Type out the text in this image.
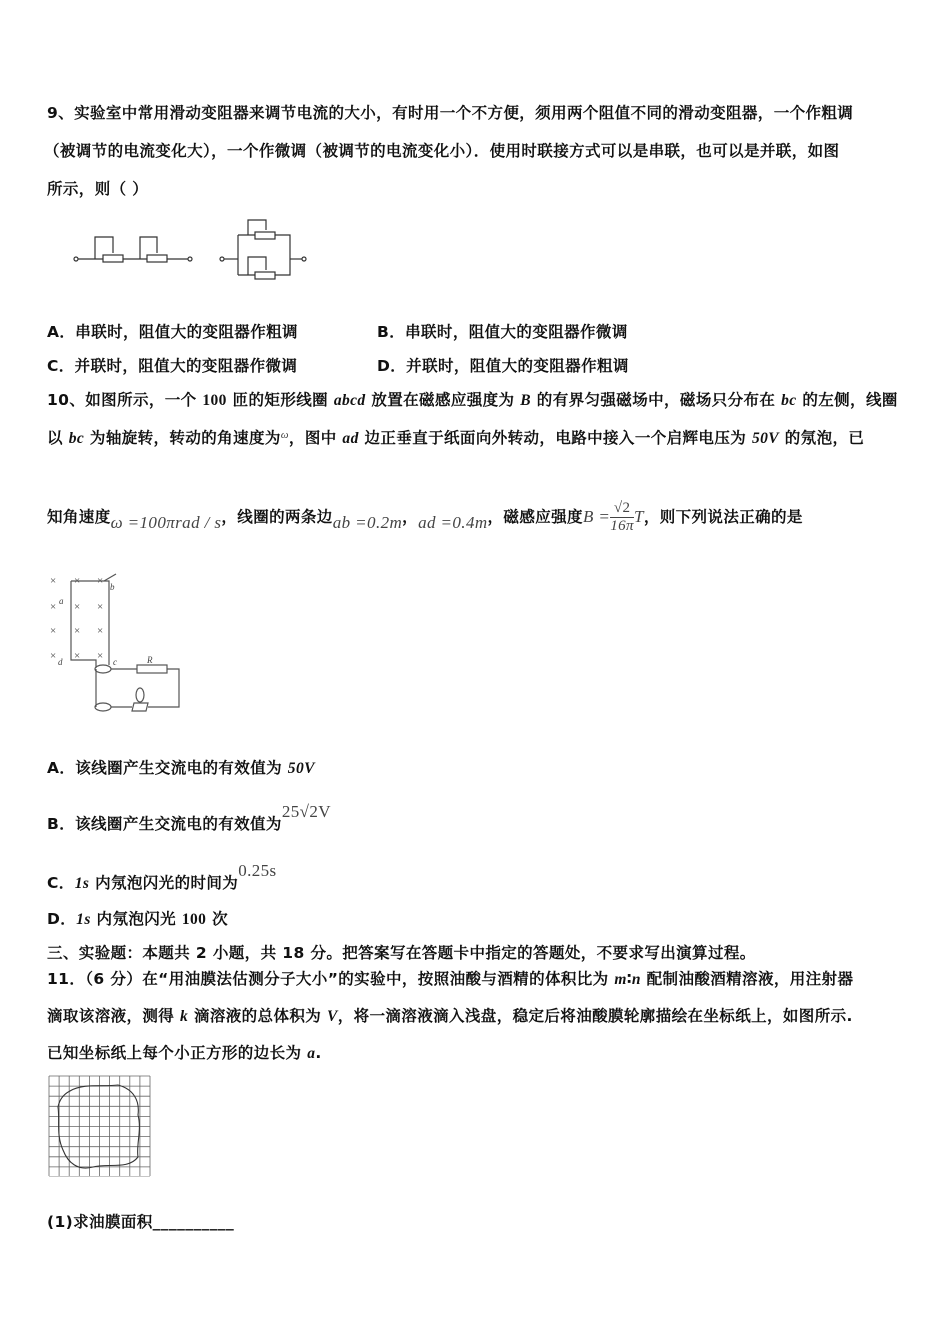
9、实验室中常用滑动变阻器来调节电流的大小，有时用一个不方便，须用两个阻值不同的滑动变阻器，一个作粗调
（被调节的电流变化大），一个作微调（被调节的电流变化小）．使用时联接方式可以是串联，也可以是并联，如图
所示，则（ ）
A．串联时，阻值大的变阻器作粗调	B．串联时，阻值大的变阻器作微调
C．并联时，阻值大的变阻器作微调	D．并联时，阻值大的变阻器作粗调
10、如图所示，一个 100 匝的矩形线圈 abcd 放置在磁感应强度为 B 的有界匀强磁场中，磁场只分布在 bc 的左侧，线圈
以 bc 为轴旋转，转动的角速度为$^\omega$，图中 ad 边正垂直于纸面向外转动，电路中接入一个启辉电压为 50V 的氖泡，已
知角速度ω =100πrad / s，线圈的两条边ab =0.2m，ad =0.4m，磁感应强度$B = \frac{√2}{16\pi}$ T，则下列说法正确的是
× × ×
× × ×
× × ×
× × ×
b
a
c
d	R
A．该线圈产生交流电的有效值为 50V
B．该线圈产生交流电的有效值为25√2V
C．1s 内氖泡闪光的时间为0.25s
D．1s 内氖泡闪光 100 次
三、实验题：本题共 2 小题，共 18 分。把答案写在答题卡中指定的答题处，不要求写出演算过程。
11．（6 分）在“用油膜法估测分子大小”的实验中，按照油酸与酒精的体积比为 m∶n 配制油酸酒精溶液，用注射器
滴取该溶液，测得 k 滴溶液的总体积为 V，将一滴溶液滴入浅盘，稳定后将油酸膜轮廓描绘在坐标纸上，如图所示.
已知坐标纸上每个小正方形的边长为 a.
(1)求油膜面积__________
